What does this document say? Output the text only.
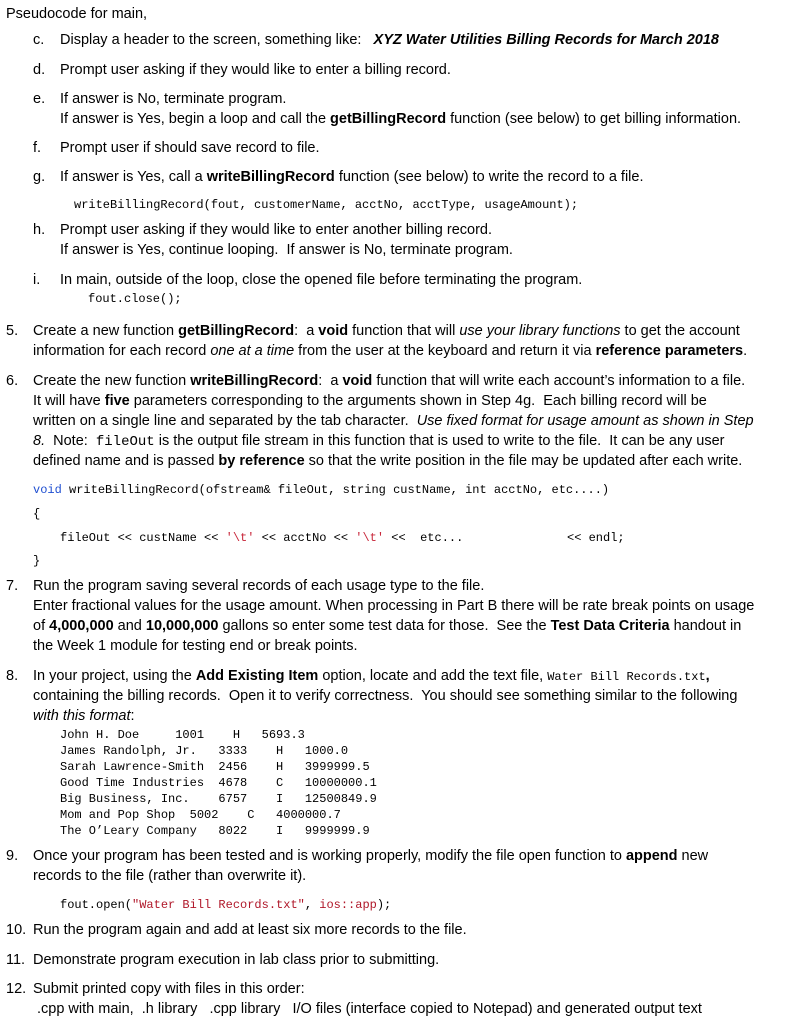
Pseudocode for main,
c. Display a header to the screen, something like: XYZ Water Utilities Billing Records for March 2018
d. Prompt user asking if they would like to enter a billing record.
e. If answer is No, terminate program.
If answer is Yes, begin a loop and call the getBillingRecord function (see below) to get billing information.
f. Prompt user if should save record to file.
g. If answer is Yes, call a writeBillingRecord function (see below) to write the record to a file.
writeBillingRecord(fout, customerName, acctNo, acctType, usageAmount);
h. Prompt user asking if they would like to enter another billing record.
If answer is Yes, continue looping.  If answer is No, terminate program.
i. In main, outside of the loop, close the opened file before terminating the program.
fout.close();
5. Create a new function getBillingRecord:  a void function that will use your library functions to get the account
information for each record one at a time from the user at the keyboard and return it via reference parameters.
6. Create the new function writeBillingRecord:  a void function that will write each account’s information to a file.
It will have five parameters corresponding to the arguments shown in Step 4g.  Each billing record will be
written on a single line and separated by the tab character.  Use fixed format for usage amount as shown in Step
8.  Note:  fileOut is the output file stream in this function that is used to write to the file.  It can be any user
defined name and is passed by reference so that the write position in the file may be updated after each write.
void writeBillingRecord(ofstream& fileOut, string custName, int acctNo, etc....)
{
fileOut << custName << '\t' << acctNo << '\t' <<  etc...	<< endl;
}
7. Run the program saving several records of each usage type to the file.
Enter fractional values for the usage amount. When processing in Part B there will be rate break points on usage
of 4,000,000 and 10,000,000 gallons so enter some test data for those.  See the Test Data Criteria handout in
the Week 1 module for testing end or break points.
8. In your project, using the Add Existing Item option, locate and add the text file, Water Bill Records.txt,
containing the billing records.  Open it to verify correctness.  You should see something similar to the following
with this format:
John H. Doe     1001    H   5693.3
James Randolph, Jr.   3333    H   1000.0
Sarah Lawrence-Smith  2456    H   3999999.5
Good Time Industries  4678    C   10000000.1
Big Business, Inc.    6757    I   12500849.9
Mom and Pop Shop  5002    C   4000000.7
The O’Leary Company   8022    I   9999999.9
9. Once your program has been tested and is working properly, modify the file open function to append new
records to the file (rather than overwrite it).
fout.open("Water Bill Records.txt", ios::app);
10. Run the program again and add at least six more records to the file.
11. Demonstrate program execution in lab class prior to submitting.
12. Submit printed copy with files in this order:
.cpp with main,  .h library   .cpp library   I/O files (interface copied to Notepad) and generated output text
